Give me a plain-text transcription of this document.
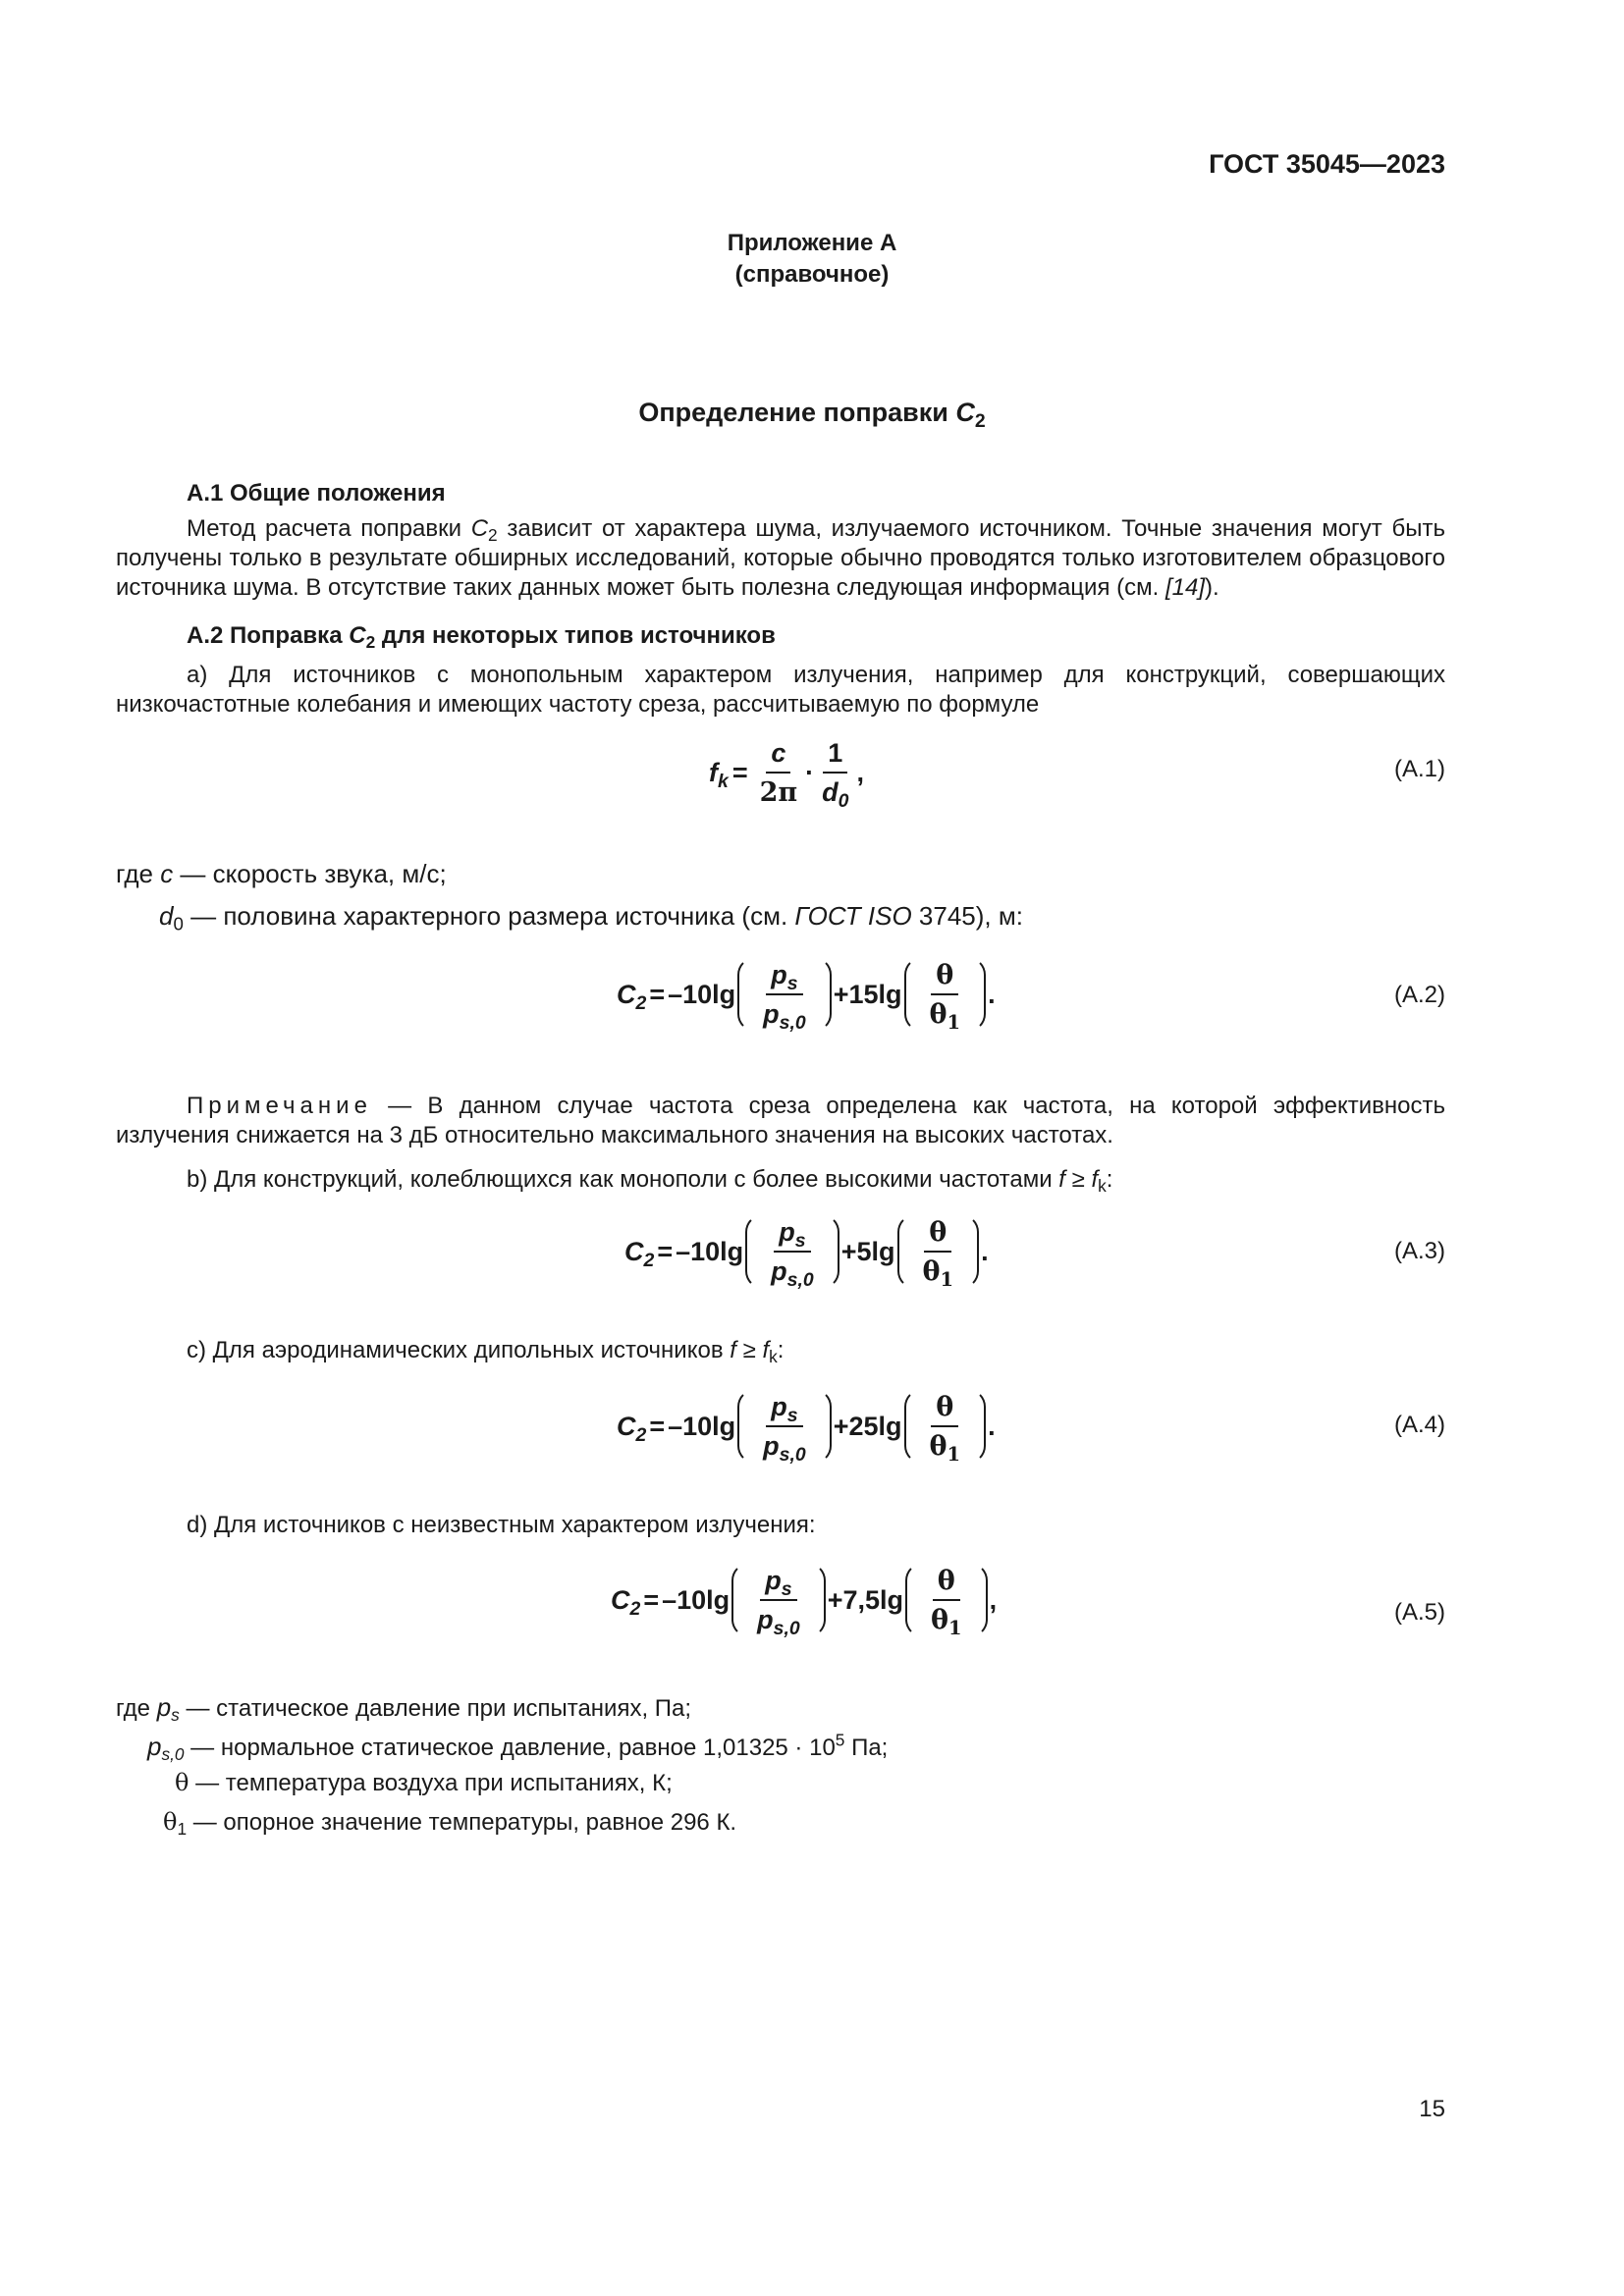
ГОСТ 35045—2023
Приложение А
(справочное)
Определение поправки $C_2$
А.1 Общие положения
Метод расчета поправки $C_2$ зависит от характера шума, излучаемого источником. Точные значения могут быть получены только в результате обширных исследований, которые обычно проводятся только изготовителем образцового источника шума. В отсутствие таких данных может быть полезна следующая информация (см. [14]).
А.2 Поправка $C_2$ для некоторых типов источников
а) Для источников с монопольным характером излучения, например для конструкций, совершающих низкочастотные колебания и имеющих частоту среза, рассчитываемую по формуле
$f_k = \frac{c}{2\pi} \cdot \frac{1}{d_0}$ ,	(А.1)
где c — скорость звука, м/с;
$d_0$ — половина характерного размера источника (см. ГОСТ ISO 3745), м:
$C_2$ = – 10 $\lg \frac{p_s}{p_{s,0}} + 15$ $\lg \frac{\theta}{\theta_1}$ .	(А.2)
Примечание — В данном случае частота среза определена как частота, на которой эффективность излучения снижается на 3 дБ относительно максимального значения на высоких частотах.
b) Для конструкций, колеблющихся как монополи с более высокими частотами $f \ge f_k$:
$C_2$ = – 10 $\lg \frac{p_s}{p_{s,0}} + 5$ $\lg \frac{\theta}{\theta_1}$ .	(А.3)
c) Для аэродинамических дипольных источников $f \ge f_k$:
$C_2$ = – 10 $\lg \frac{p_s}{p_{s,0}} + 25$ $\lg \frac{\theta}{\theta_1}$ .	(А.4)
d) Для источников с неизвестным характером излучения:
$C_2$ = – 10 $\lg \frac{p_s}{p_{s,0}} + 7,5$ $\lg \frac{\theta}{\theta_1}$ ,	(А.5)
где $p_s$ — статическое давление при испытаниях, Па;
$p_{s,0}$ — нормальное статическое давление, равное $1,01325 \cdot 10^5$ Па;
θ — температура воздуха при испытаниях, К;
$\theta_1$ — опорное значение температуры, равное 296 К.
15
